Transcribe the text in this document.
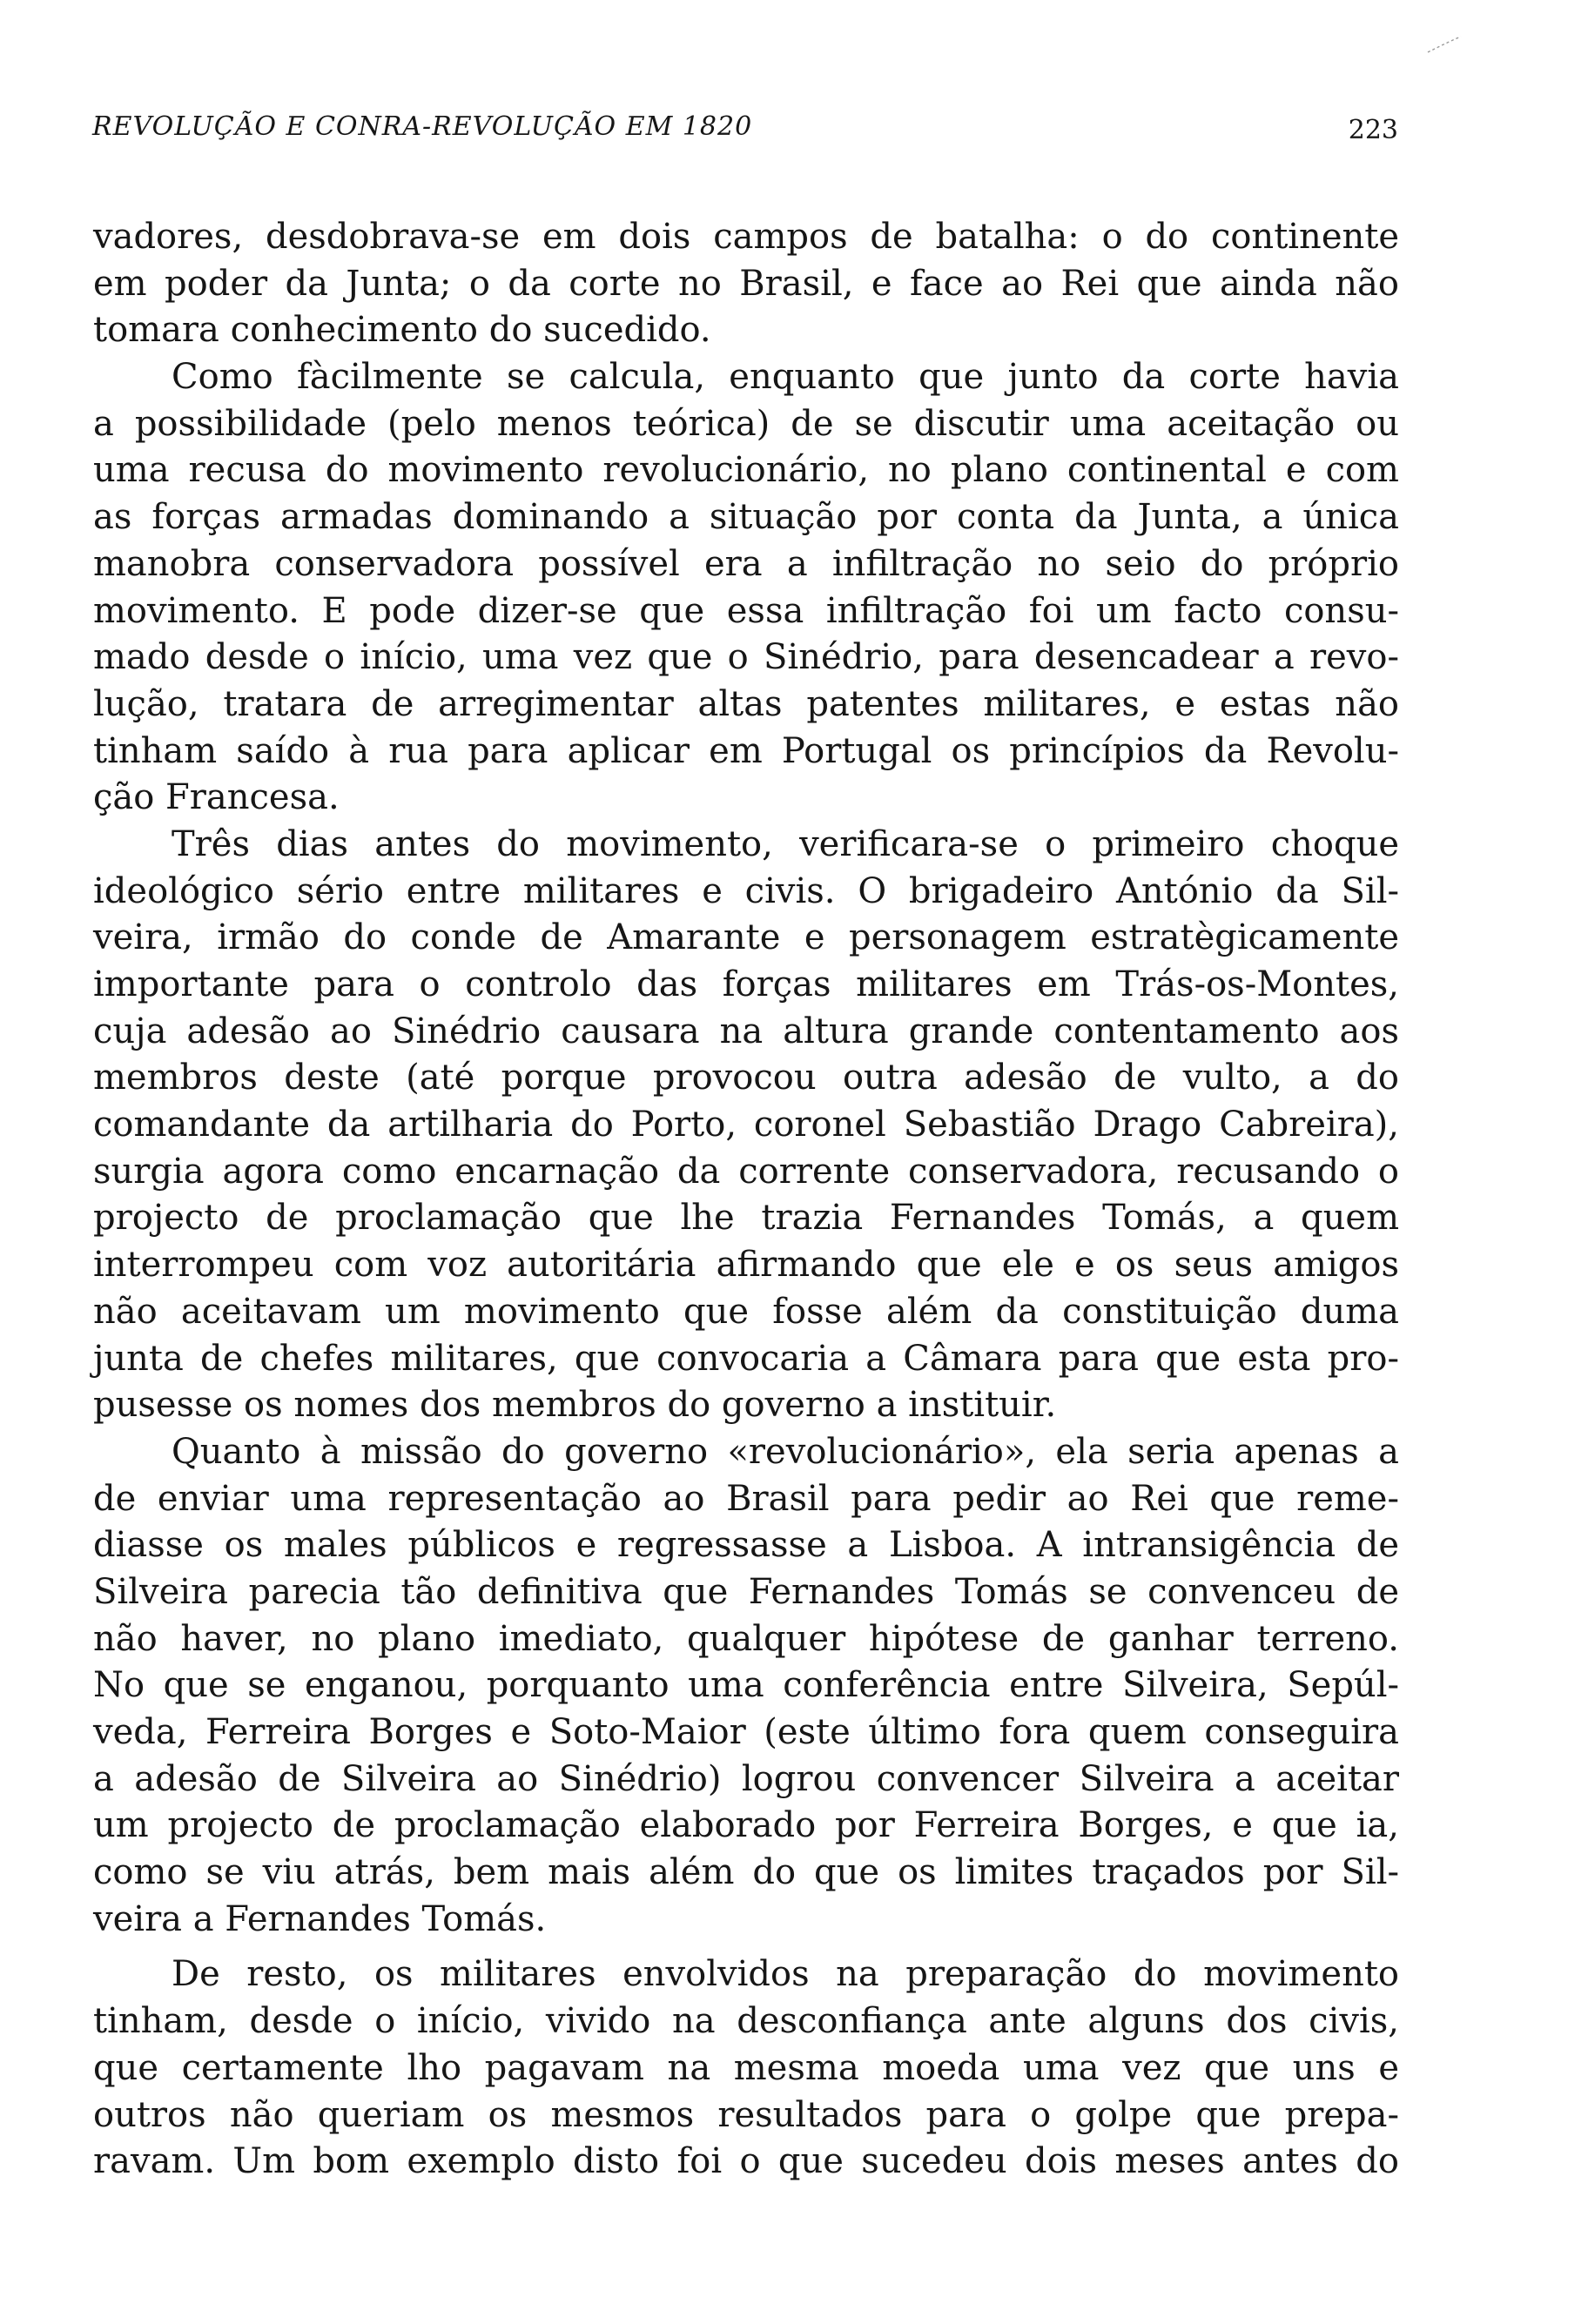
REVOLUÇÃO E CONRA-REVOLUÇÃO EM 1820	223
vadores, desdobrava-se em dois campos de batalha: o do continente
em poder da Junta; o da corte no Brasil, e face ao Rei que ainda não
tomara conhecimento do sucedido.
Como fàcilmente se calcula, enquanto que junto da corte havia
a possibilidade (pelo menos teórica) de se discutir uma aceitação ou
uma recusa do movimento revolucionário, no plano continental e com
as forças armadas dominando a situação por conta da Junta, a única
manobra conservadora possível era a infiltração no seio do próprio
movimento. E pode dizer-se que essa infiltração foi um facto consu-
mado desde o início, uma vez que o Sinédrio, para desencadear a revo-
lução, tratara de arregimentar altas patentes militares, e estas não
tinham saído à rua para aplicar em Portugal os princípios da Revolu-
ção Francesa.
Três dias antes do movimento, verificara-se o primeiro choque
ideológico sério entre militares e civis. O brigadeiro António da Sil-
veira, irmão do conde de Amarante e personagem estratègicamente
importante para o controlo das forças militares em Trás-os-Montes,
cuja adesão ao Sinédrio causara na altura grande contentamento aos
membros deste (até porque provocou outra adesão de vulto, a do
comandante da artilharia do Porto, coronel Sebastião Drago Cabreira),
surgia agora como encarnação da corrente conservadora, recusando o
projecto de proclamação que lhe trazia Fernandes Tomás, a quem
interrompeu com voz autoritária afirmando que ele e os seus amigos
não aceitavam um movimento que fosse além da constituição duma
junta de chefes militares, que convocaria a Câmara para que esta pro-
pusesse os nomes dos membros do governo a instituir.
Quanto à missão do governo «revolucionário», ela seria apenas a
de enviar uma representação ao Brasil para pedir ao Rei que reme-
diasse os males públicos e regressasse a Lisboa. A intransigência de
Silveira parecia tão definitiva que Fernandes Tomás se convenceu de
não haver, no plano imediato, qualquer hipótese de ganhar terreno.
No que se enganou, porquanto uma conferência entre Silveira, Sepúl-
veda, Ferreira Borges e Soto-Maior (este último fora quem conseguira
a adesão de Silveira ao Sinédrio) logrou convencer Silveira a aceitar
um projecto de proclamação elaborado por Ferreira Borges, e que ia,
como se viu atrás, bem mais além do que os limites traçados por Sil-
veira a Fernandes Tomás.
De resto, os militares envolvidos na preparação do movimento
tinham, desde o início, vivido na desconfiança ante alguns dos civis,
que certamente lho pagavam na mesma moeda uma vez que uns e
outros não queriam os mesmos resultados para o golpe que prepa-
ravam. Um bom exemplo disto foi o que sucedeu dois meses antes do
